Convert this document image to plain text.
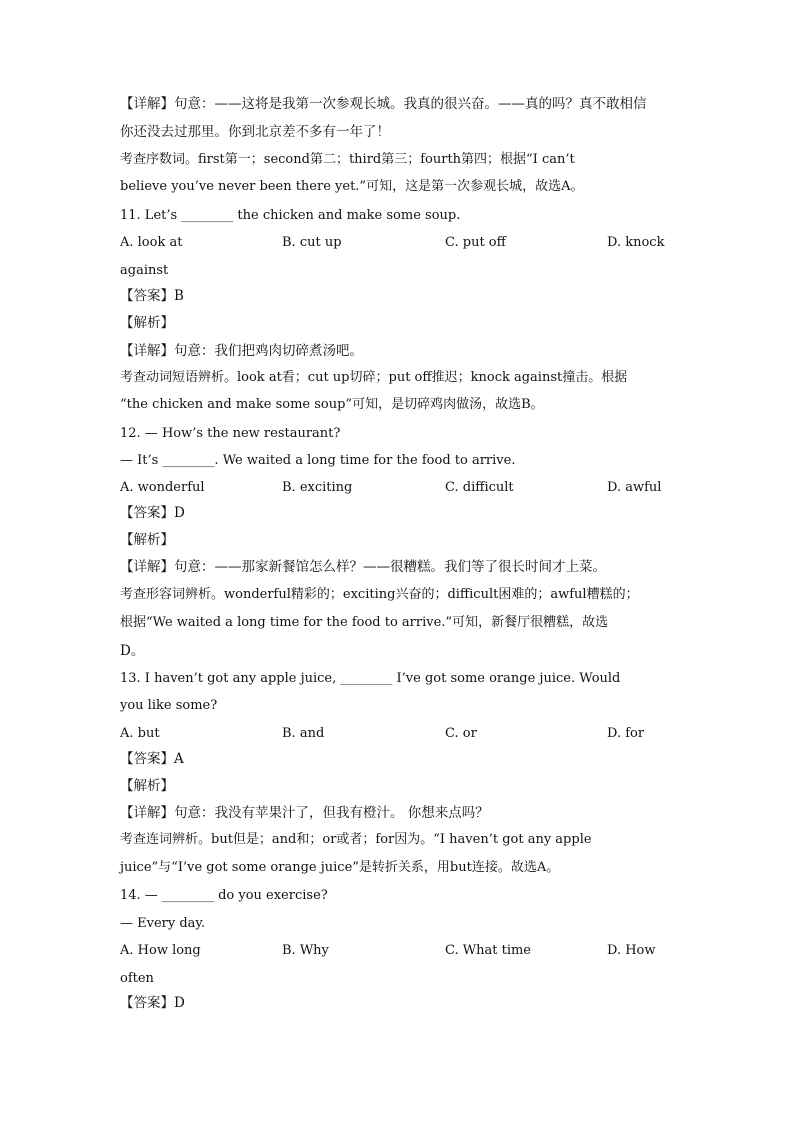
【详解】句意：——这将是我第一次参观长城。我真的很兴奋。——真的吗？真不敢相信
你还没去过那里。你到北京差不多有一年了！
考查序数词。first第一；second第二；third第三；fourth第四；根据“I can’t
believe you’ve never been there yet.”可知，这是第一次参观长城，故选A。
11. Let’s ________ the chicken and make some soup.
A. look at	B. cut up	C. put off	D. knock
against
【答案】B
【解析】
【详解】句意：我们把鸡肉切碎煮汤吧。
考查动词短语辨析。look at看；cut up切碎；put off推迟；knock against撞击。根据
“the chicken and make some soup”可知，是切碎鸡肉做汤，故选B。
12. — How’s the new restaurant?
— It’s ________. We waited a long time for the food to arrive.
A. wonderful	B. exciting	C. difficult	D. awful
【答案】D
【解析】
【详解】句意：——那家新餐馆怎么样？——很糟糕。我们等了很长时间才上菜。
考查形容词辨析。wonderful精彩的；exciting兴奋的；difficult困难的；awful糟糕的；
根据“We waited a long time for the food to arrive.”可知，新餐厅很糟糕，故选
D。
13. I haven’t got any apple juice, ________ I’ve got some orange juice. Would
you like some?
A. but	B. and	C. or	D. for
【答案】A
【解析】
【详解】句意：我没有苹果汁了，但我有橙汁。 你想来点吗？
考查连词辨析。but但是；and和；or或者；for因为。“I haven’t got any apple
juice”与“I’ve got some orange juice”是转折关系，用but连接。故选A。
14. — ________ do you exercise?
— Every day.
A. How long	B. Why	C. What time	D. How
often
【答案】D
